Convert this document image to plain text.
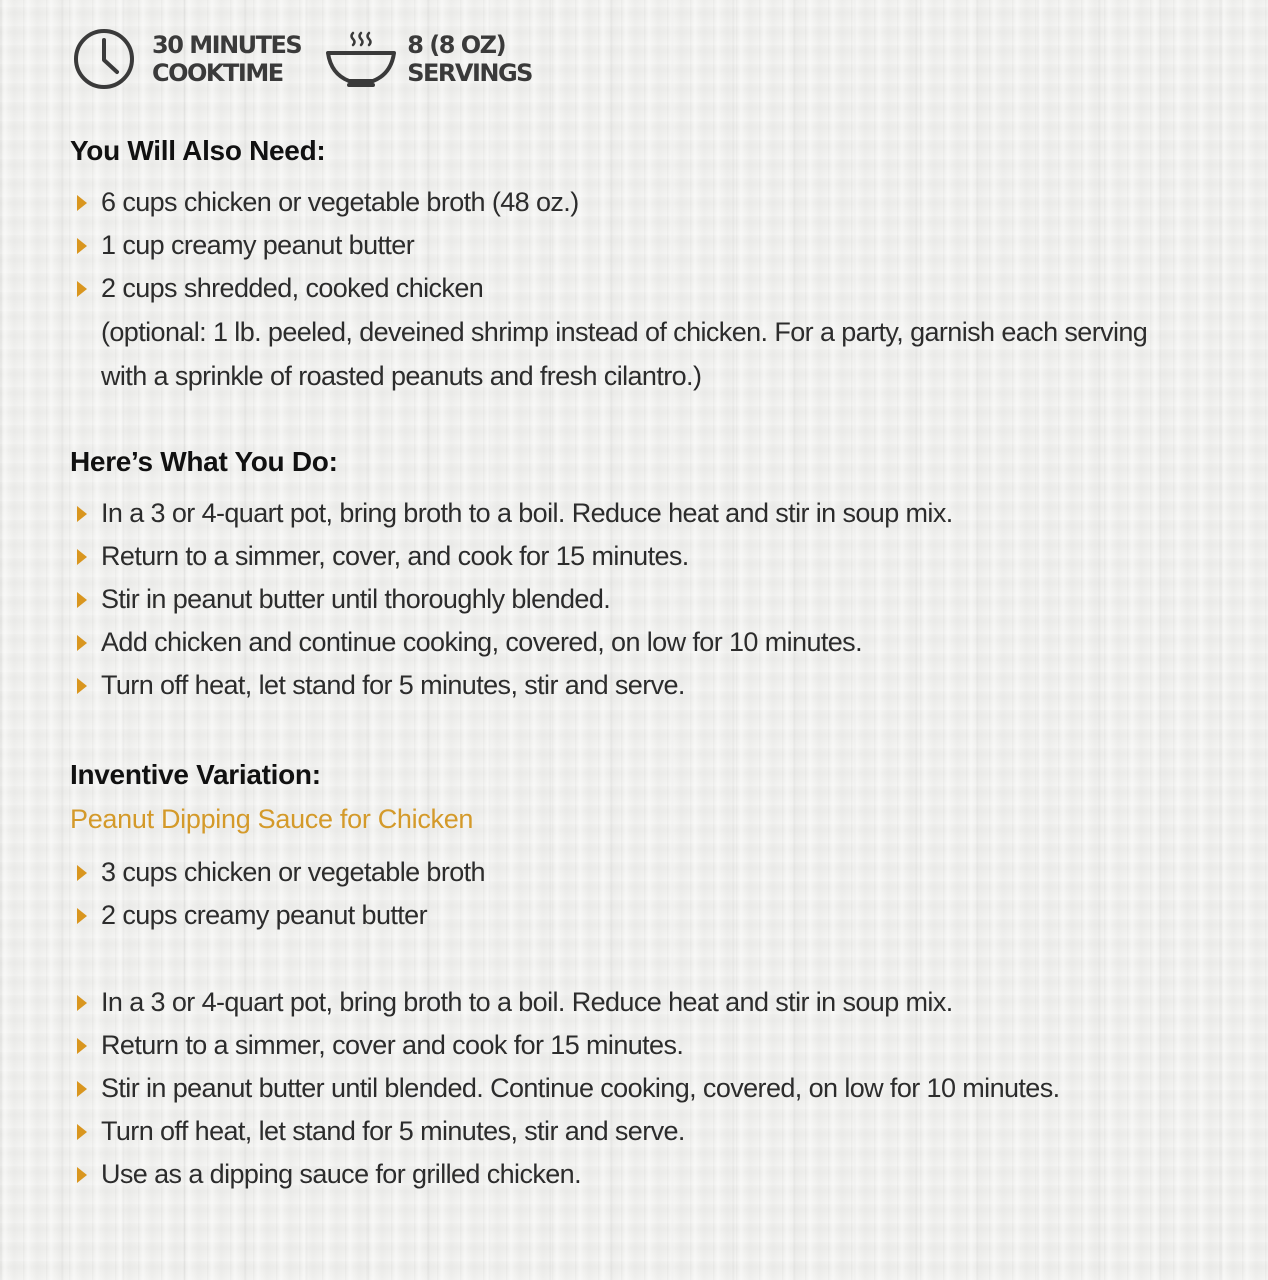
30 MINUTES
COOKTIME
8 (8 OZ)
SERVINGS
You Will Also Need:
6 cups chicken or vegetable broth (48 oz.)
1 cup creamy peanut butter
2 cups shredded, cooked chicken
(optional: 1 lb. peeled, deveined shrimp instead of chicken. For a party, garnish each serving with a sprinkle of roasted peanuts and fresh cilantro.)
Here’s What You Do:
In a 3 or 4-quart pot, bring broth to a boil. Reduce heat and stir in soup mix.
Return to a simmer, cover, and cook for 15 minutes.
Stir in peanut butter until thoroughly blended.
Add chicken and continue cooking, covered, on low for 10 minutes.
Turn off heat, let stand for 5 minutes, stir and serve.
Inventive Variation:
Peanut Dipping Sauce for Chicken
3 cups chicken or vegetable broth
2 cups creamy peanut butter
In a 3 or 4-quart pot, bring broth to a boil. Reduce heat and stir in soup mix.
Return to a simmer, cover and cook for 15 minutes.
Stir in peanut butter until blended. Continue cooking, covered, on low for 10 minutes.
Turn off heat, let stand for 5 minutes, stir and serve.
Use as a dipping sauce for grilled chicken.
